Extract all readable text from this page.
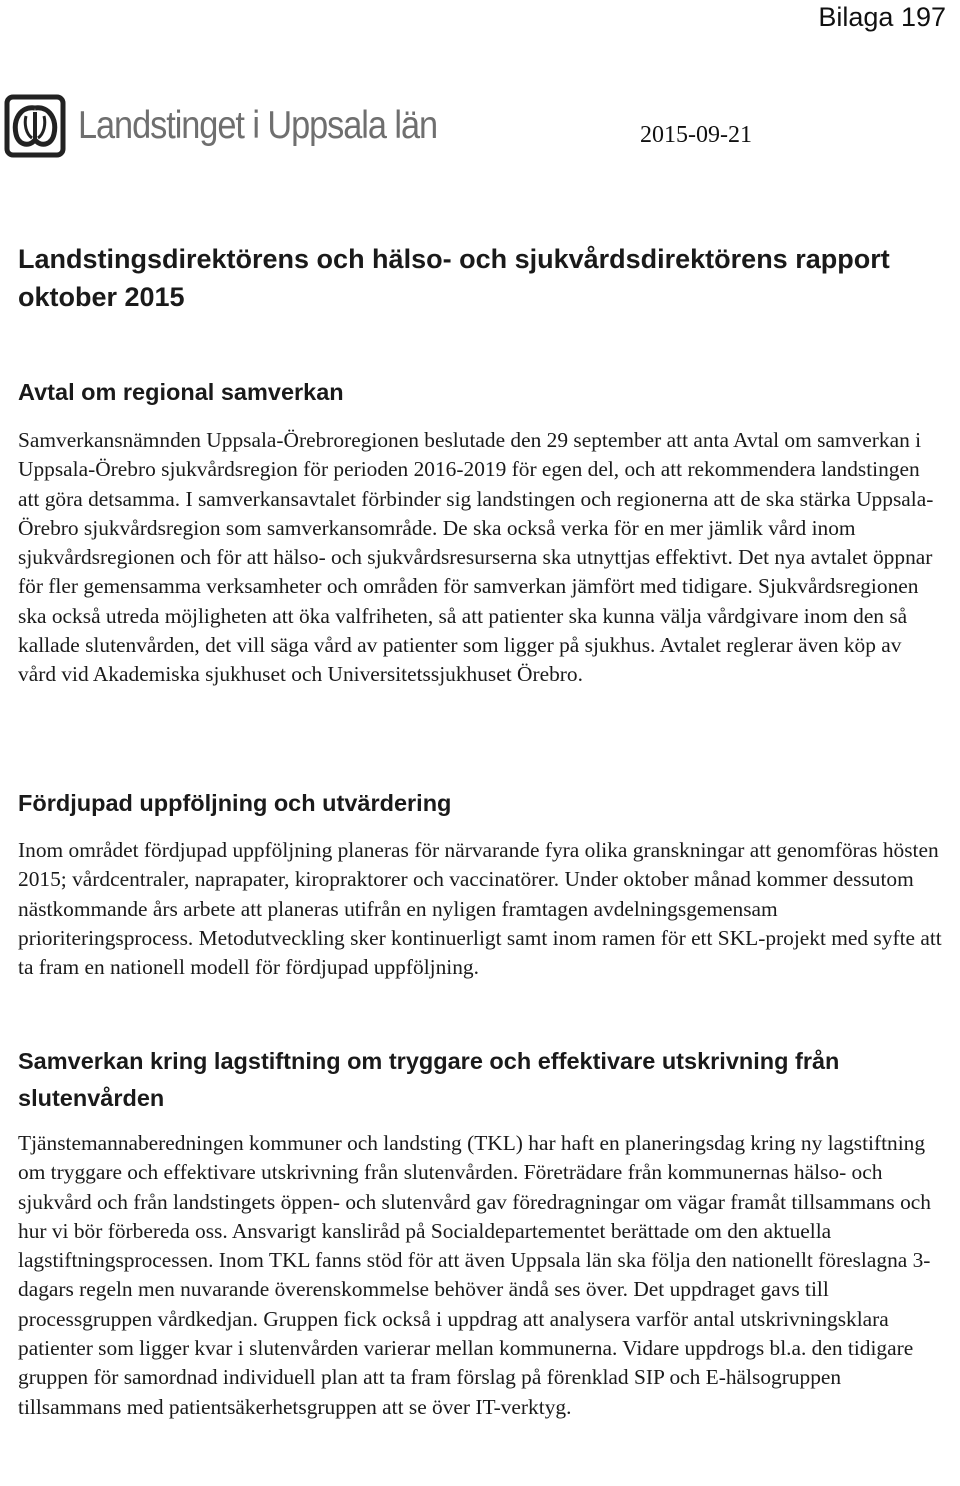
Bilaga 197
Landstinget i Uppsala län	2015-09-21
Landstingsdirektörens och hälso- och sjukvårdsdirektörens rapport oktober 2015
Avtal om regional samverkan

Samverkansnämnden Uppsala-Örebroregionen beslutade den 29 september att anta Avtal om samverkan i Uppsala-Örebro sjukvårdsregion för perioden 2016-2019 för egen del, och att rekommendera landstingen att göra detsamma. I samverkansavtalet förbinder sig landstingen och regionerna att de ska stärka Uppsala-Örebro sjukvårdsregion som samverkansområde. De ska också verka för en mer jämlik vård inom sjukvårdsregionen och för att hälso- och sjukvårdsresurserna ska utnyttjas effektivt. Det nya avtalet öppnar för fler gemensamma verksamheter och områden för samverkan jämfört med tidigare. Sjukvårdsregionen ska också utreda möjligheten att öka valfriheten, så att patienter ska kunna välja vårdgivare inom den så kallade slutenvården, det vill säga vård av patienter som ligger på sjukhus. Avtalet reglerar även köp av vård vid Akademiska sjukhuset och Universitetssjukhuset Örebro.

Fördjupad uppföljning och utvärdering

Inom området fördjupad uppföljning planeras för närvarande fyra olika granskningar att genomföras hösten 2015; vårdcentraler, naprapater, kiropraktorer och vaccinatörer. Under oktober månad kommer dessutom nästkommande års arbete att planeras utifrån en nyligen framtagen avdelningsgemensam prioriteringsprocess. Metodutveckling sker kontinuerligt samt inom ramen för ett SKL-projekt med syfte att ta fram en nationell modell för fördjupad uppföljning.

Samverkan kring lagstiftning om tryggare och effektivare utskrivning från slutenvården

Tjänstemannaberedningen kommuner och landsting (TKL) har haft en planeringsdag kring ny lagstiftning om tryggare och effektivare utskrivning från slutenvården. Företrädare från kommunernas hälso- och sjukvård och från landstingets öppen- och slutenvård gav föredragningar om vägar framåt tillsammans och hur vi bör förbereda oss. Ansvarigt kansliråd på Socialdepartementet berättade om den aktuella lagstiftningsprocessen. Inom TKL fanns stöd för att även Uppsala län ska följa den nationellt föreslagna 3-dagars regeln men nuvarande överenskommelse behöver ändå ses över. Det uppdraget gavs till processgruppen vårdkedjan. Gruppen fick också i uppdrag att analysera varför antal utskrivningsklara patienter som ligger kvar i slutenvården varierar mellan kommunerna. Vidare uppdrogs bl.a. den tidigare gruppen för samordnad individuell plan att ta fram förslag på förenklad SIP och E-hälsogruppen tillsammans med patientsäkerhetsgruppen att se över IT-verktyg.
